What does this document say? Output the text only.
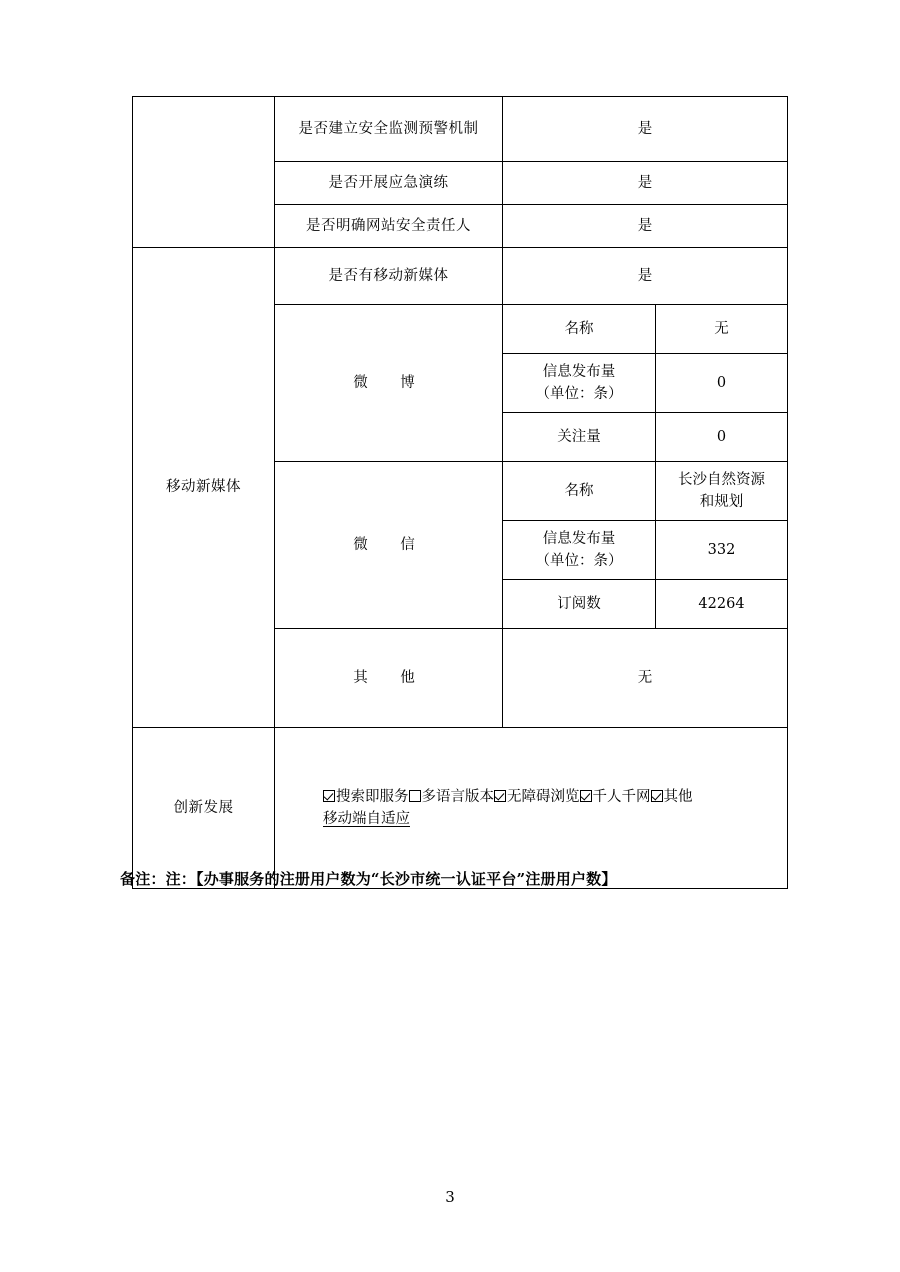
	是否建立安全监测预警机制	是	
	是否开展应急演练	是	
	是否明确网站安全责任人	是	
移动新媒体	是否有移动新媒体	是	
	微　博	名称	无

		信息发布量
（单位：条）	0
		关注量	0
	微　信	名称	长沙自然资源
和规划

		信息发布量
（单位：条）	332
		订阅数	42264
	其　他	无	
创新发展	搜索即服务 多语言版本 无障碍浏览 千人千网 其他
移动端自适应		
备注：注：【办事服务的注册用户数为“长沙市统一认证平台”注册用户数】
3
